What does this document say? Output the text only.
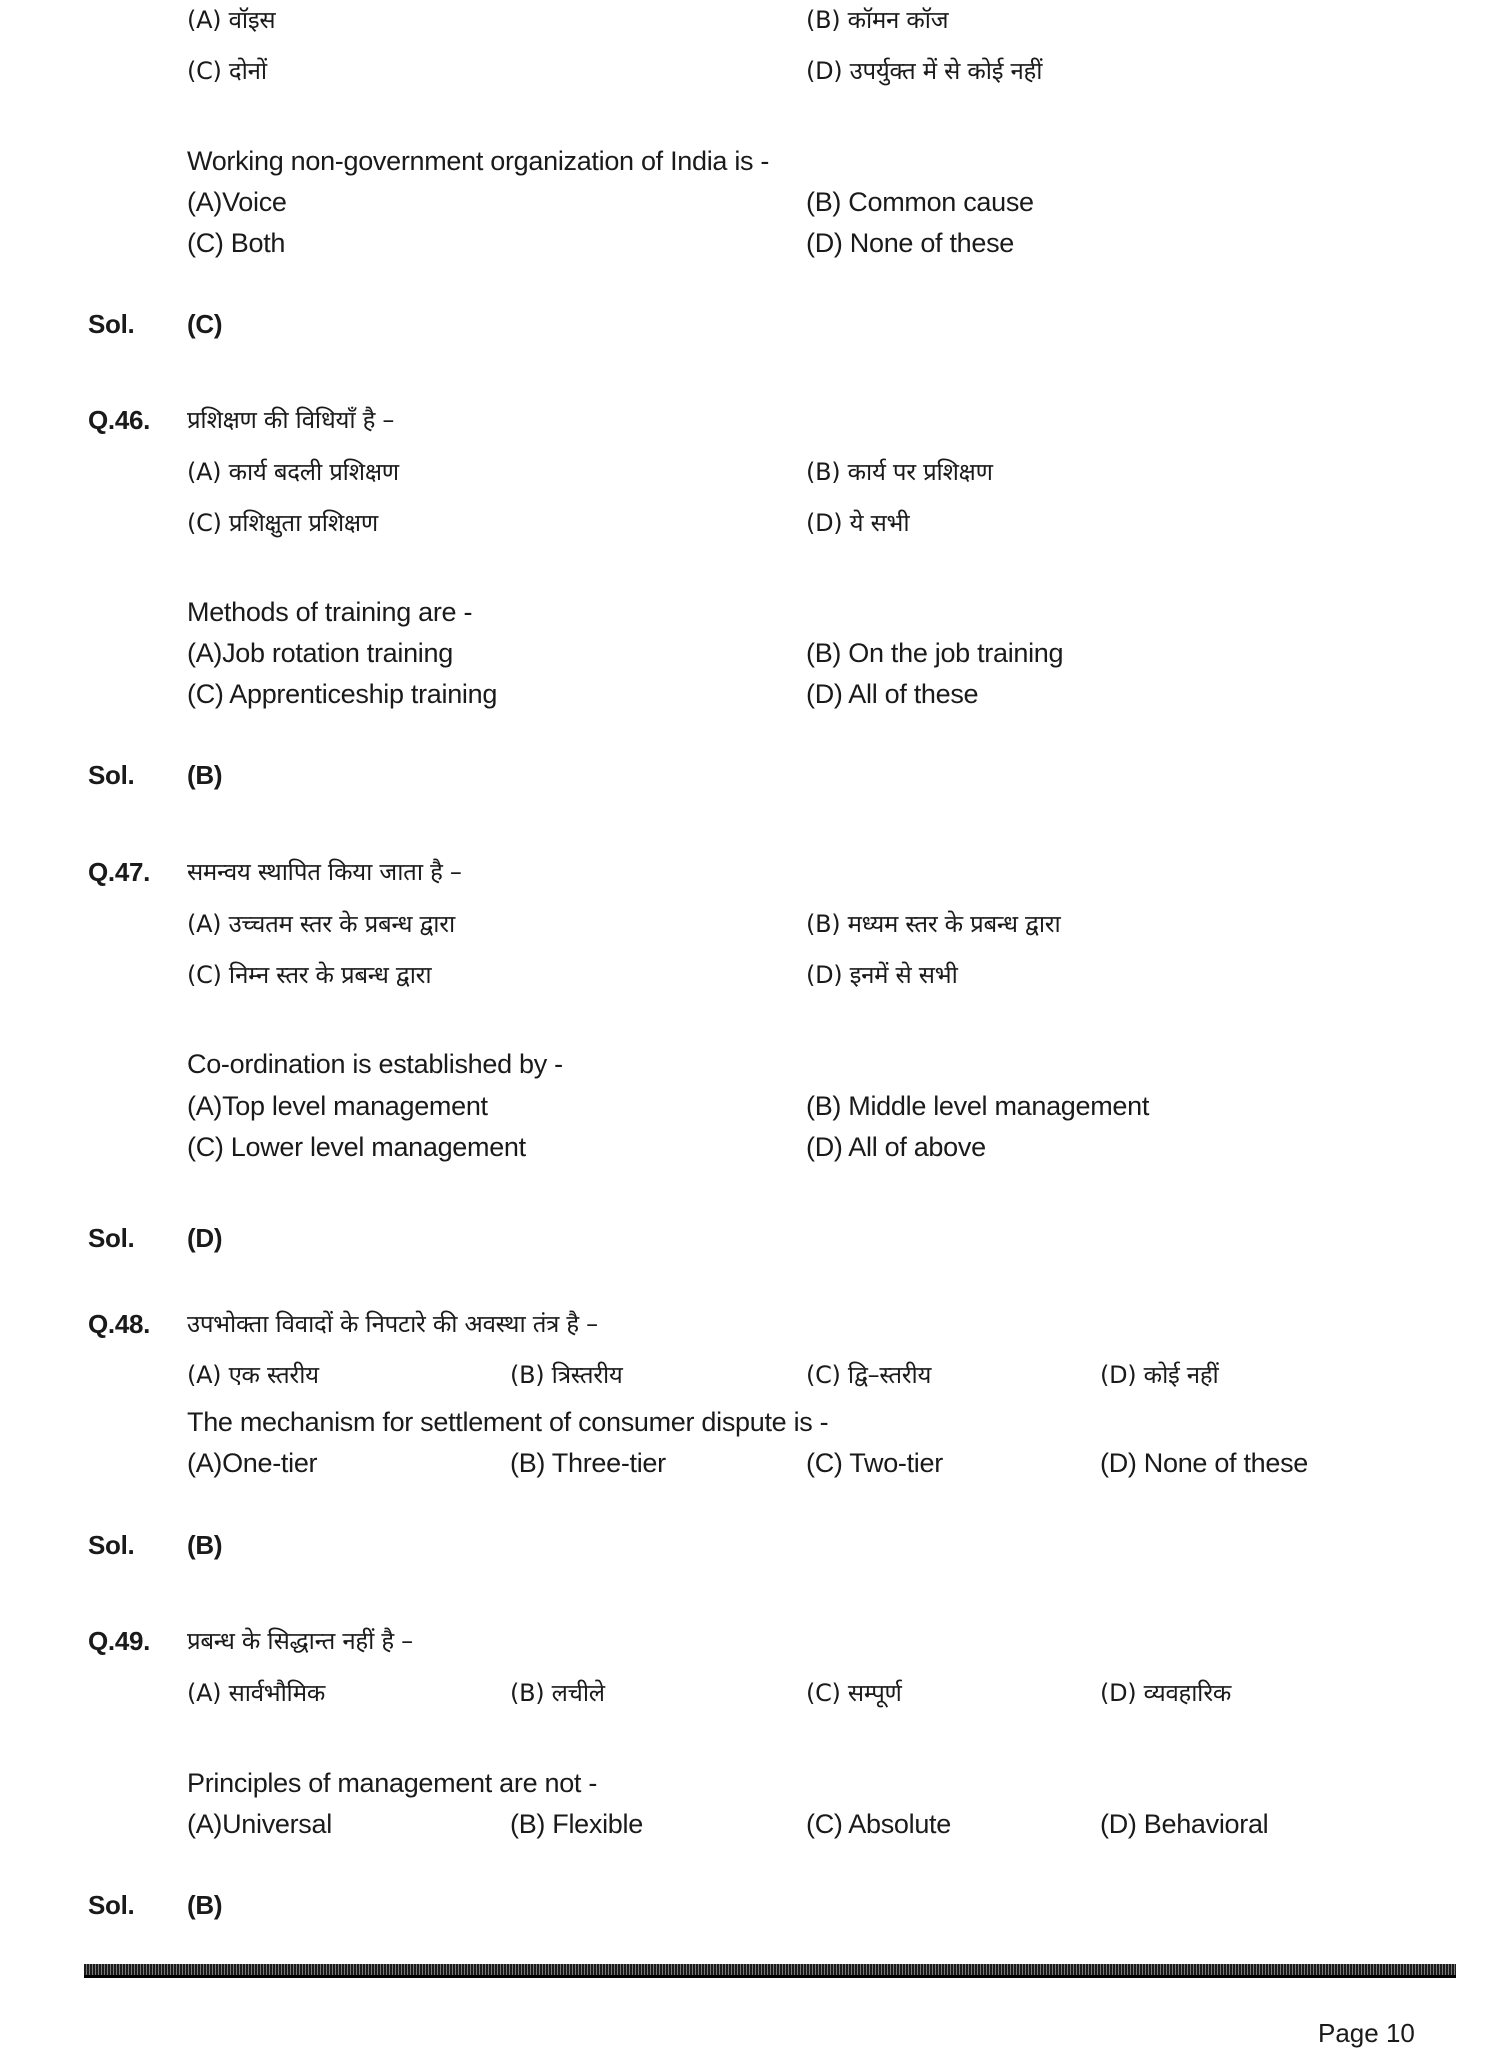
(A) वॉइस	(B) कॉमन कॉज
(C) दोनों	(D) उपर्युक्त में से कोई नहीं
Working non-government organization of India is -
(A)Voice	(B) Common cause
(C) Both	(D) None of these
Sol. (C)
Q.46. प्रशिक्षण की विधियाँ है –
(A) कार्य बदली प्रशिक्षण	(B) कार्य पर प्रशिक्षण
(C) प्रशिक्षुता प्रशिक्षण	(D) ये सभी
Methods of training are -
(A)Job rotation training	(B) On the job training
(C) Apprenticeship training	(D) All of these
Sol. (B)
Q.47. समन्वय स्थापित किया जाता है –
(A) उच्चतम स्तर के प्रबन्ध द्वारा	(B) मध्यम स्तर के प्रबन्ध द्वारा
(C) निम्न स्तर के प्रबन्ध द्वारा	(D) इनमें से सभी
Co-ordination is established by -
(A)Top level management	(B) Middle level management
(C) Lower level management	(D) All of above
Sol. (D)
Q.48. उपभोक्ता विवादों के निपटारे की अवस्था तंत्र है –
(A) एक स्तरीय	(B) त्रिस्तरीय	(C) द्वि–स्तरीय	(D) कोई नहीं
The mechanism for settlement of consumer dispute is -
(A)One-tier	(B) Three-tier	(C) Two-tier	(D) None of these
Sol. (B)
Q.49. प्रबन्ध के सिद्धान्त नहीं है –
(A) सार्वभौमिक	(B) लचीले	(C) सम्पूर्ण	(D) व्यवहारिक
Principles of management are not -
(A)Universal	(B) Flexible	(C) Absolute	(D) Behavioral
Sol. (B)
Page 10
